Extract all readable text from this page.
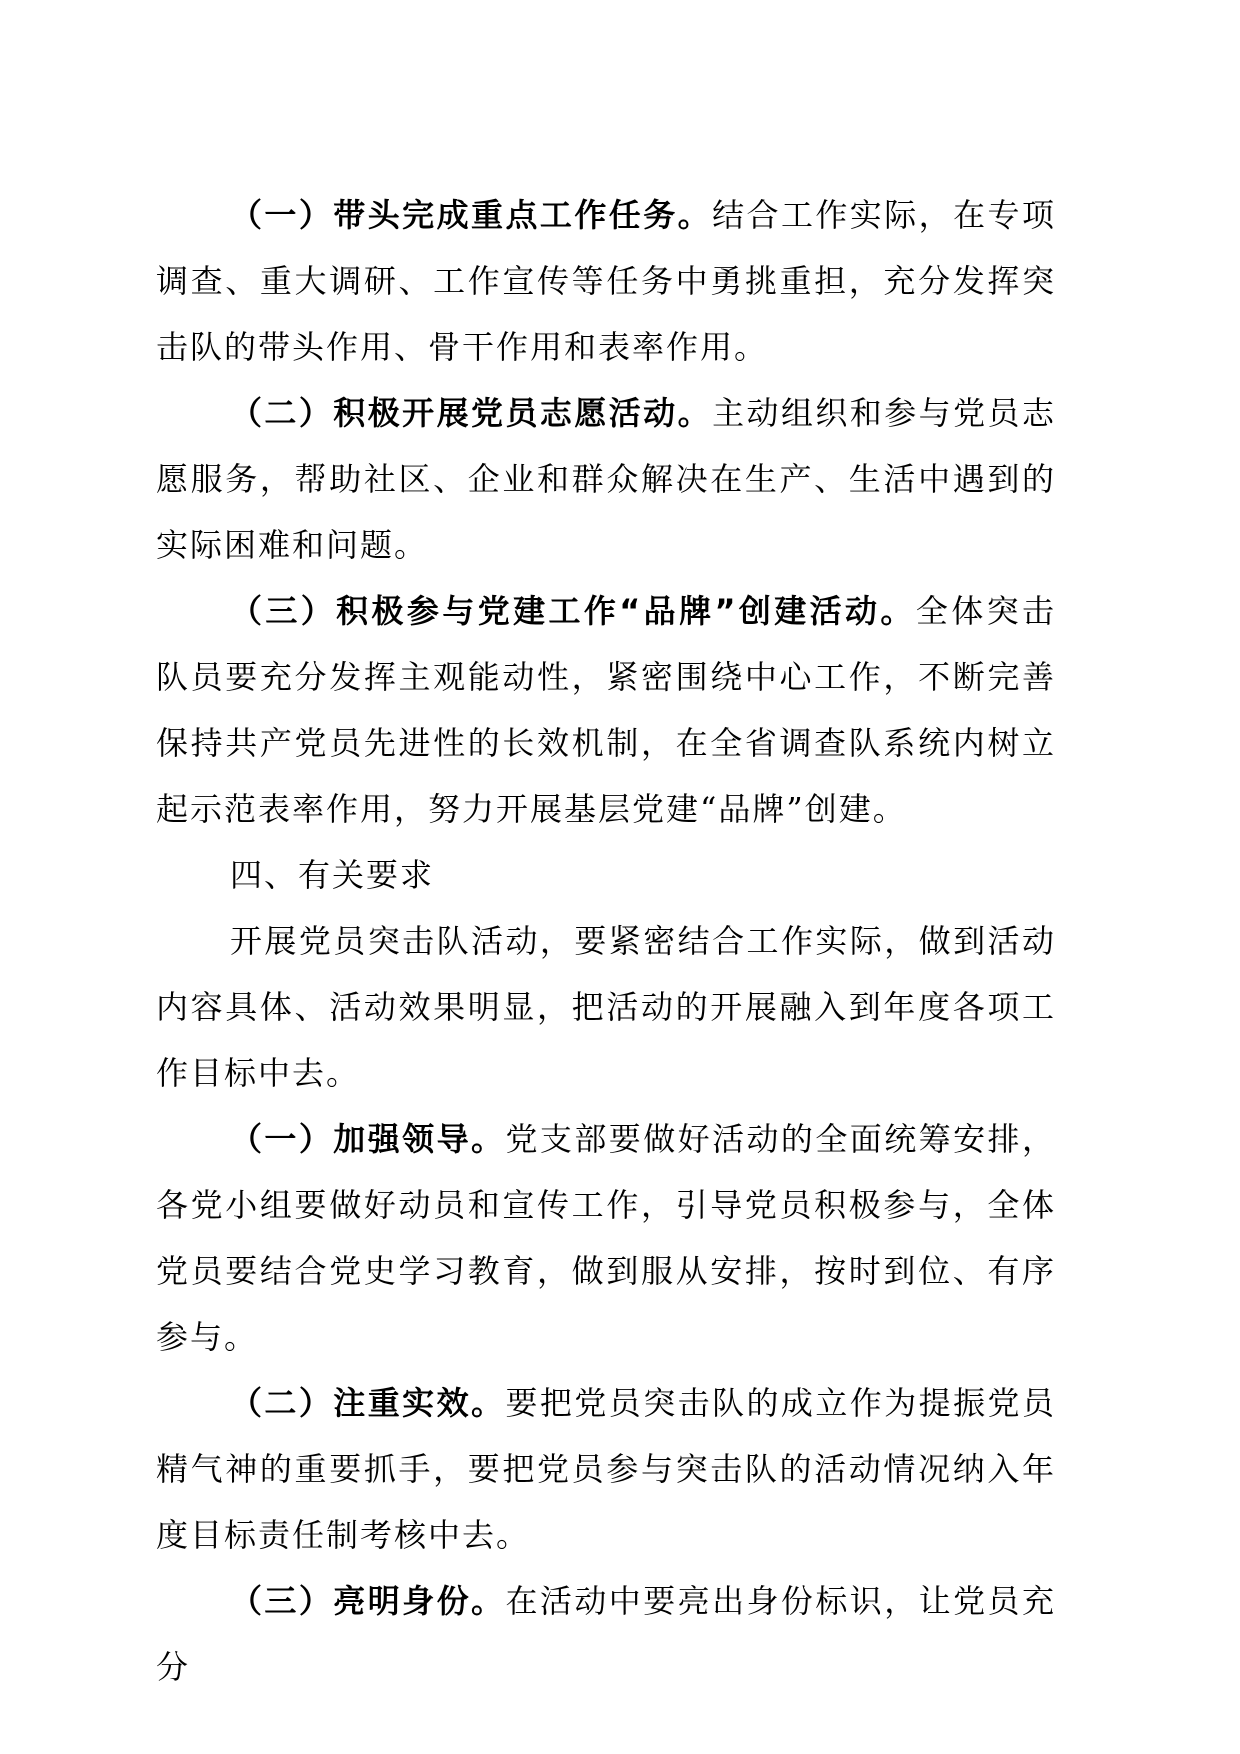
（一）带头完成重点工作任务。结合工作实际，在专项调查、重大调研、工作宣传等任务中勇挑重担，充分发挥突击队的带头作用、骨干作用和表率作用。

（二）积极开展党员志愿活动。主动组织和参与党员志愿服务，帮助社区、企业和群众解决在生产、生活中遇到的实际困难和问题。

（三）积极参与党建工作“品牌”创建活动。全体突击队员要充分发挥主观能动性，紧密围绕中心工作，不断完善保持共产党员先进性的长效机制，在全省调查队系统内树立起示范表率作用，努力开展基层党建“品牌”创建。

四、有关要求

开展党员突击队活动，要紧密结合工作实际，做到活动内容具体、活动效果明显，把活动的开展融入到年度各项工作目标中去。

（一）加强领导。党支部要做好活动的全面统筹安排，各党小组要做好动员和宣传工作，引导党员积极参与，全体党员要结合党史学习教育，做到服从安排，按时到位、有序参与。

（二）注重实效。要把党员突击队的成立作为提振党员精气神的重要抓手，要把党员参与突击队的活动情况纳入年度目标责任制考核中去。

（三）亮明身份。在活动中要亮出身份标识，让党员充分
